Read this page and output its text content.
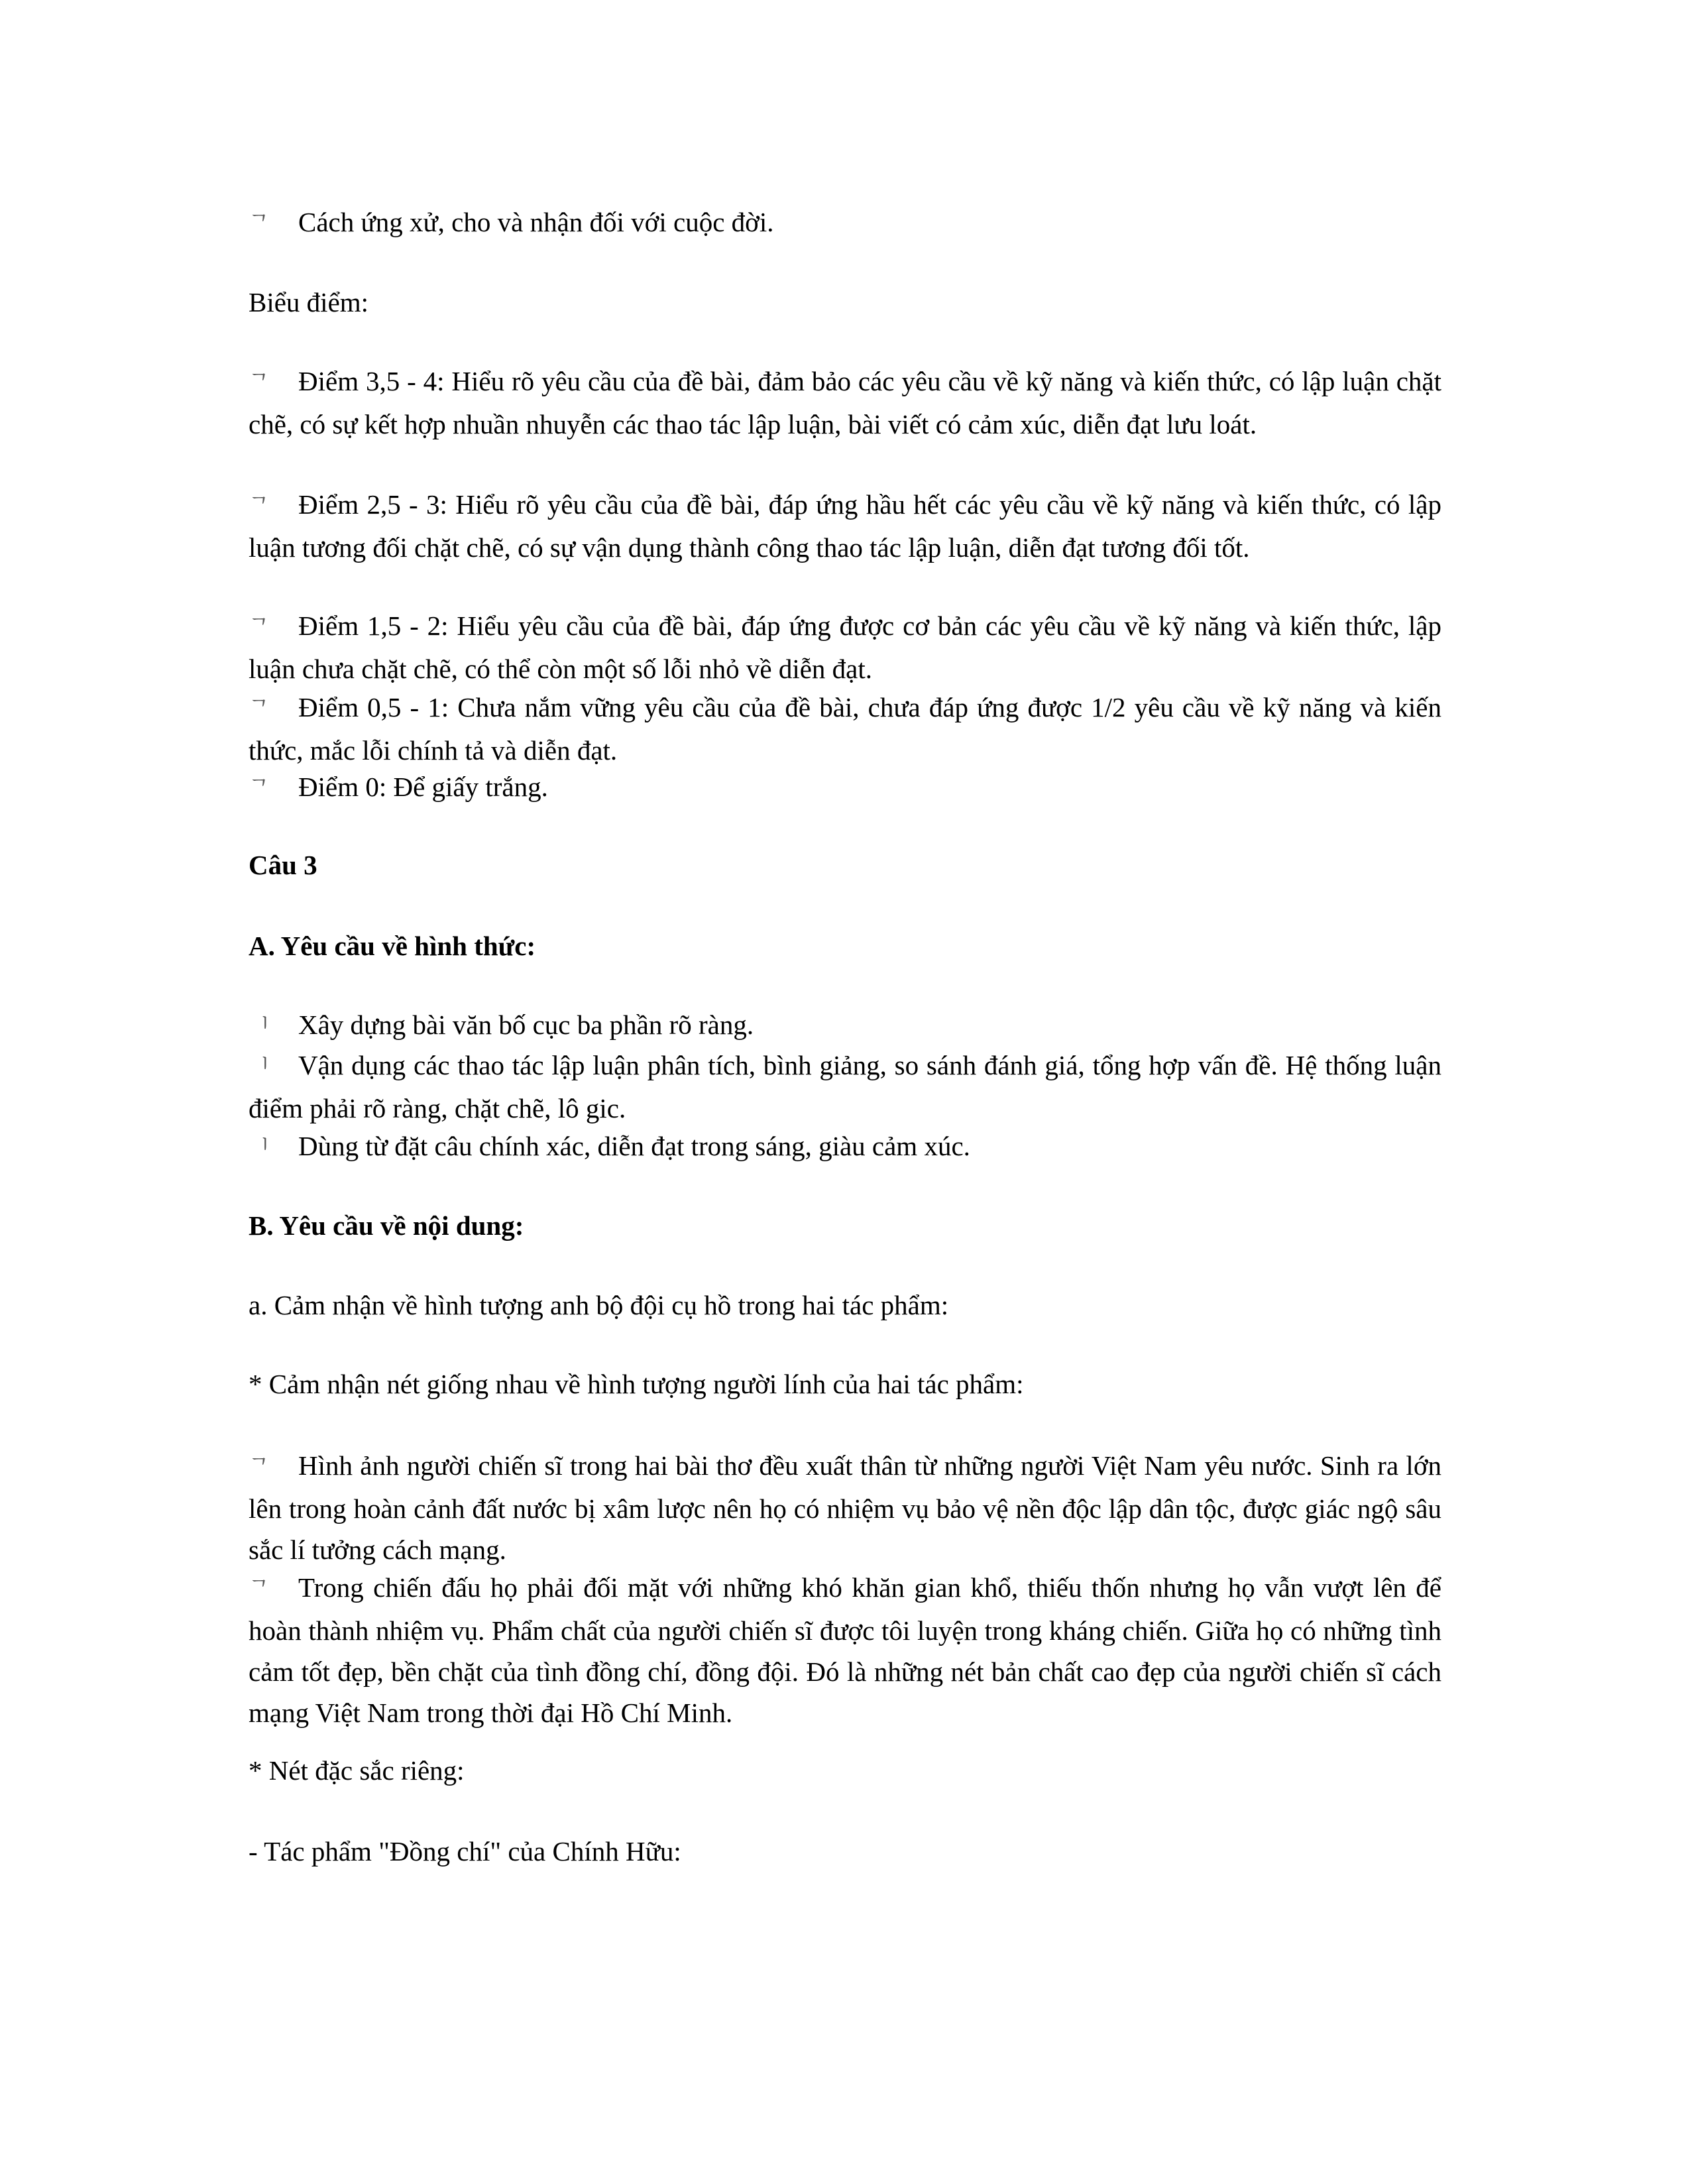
ᄀ Cách ứng xử, cho và nhận đối với cuộc đời.

Biểu điểm:

ᄀ Điểm 3,5 - 4: Hiểu rõ yêu cầu của đề bài, đảm bảo các yêu cầu về kỹ năng và kiến thức, có lập luận chặt chẽ, có sự kết hợp nhuần nhuyễn các thao tác lập luận, bài viết có cảm xúc, diễn đạt lưu loát.

ᄀ Điểm 2,5 - 3: Hiểu rõ yêu cầu của đề bài, đáp ứng hầu hết các yêu cầu về kỹ năng và kiến thức, có lập luận tương đối chặt chẽ, có sự vận dụng thành công thao tác lập luận, diễn đạt tương đối tốt.

ᄀ Điểm 1,5 - 2: Hiểu yêu cầu của đề bài, đáp ứng được cơ bản các yêu cầu về kỹ năng và kiến thức, lập luận chưa chặt chẽ, có thể còn một số lỗi nhỏ về diễn đạt.

ᄀ Điểm 0,5 - 1: Chưa nắm vững yêu cầu của đề bài, chưa đáp ứng được 1/2 yêu cầu về kỹ năng và kiến thức, mắc lỗi chính tả và diễn đạt.

ᄀ Điểm 0: Để giấy trắng.

Câu 3

A. Yêu cầu về hình thức:

ᅵ Xây dựng bài văn bố cục ba phần rõ ràng.

ᅵ Vận dụng các thao tác lập luận phân tích, bình giảng, so sánh đánh giá, tổng hợp vấn đề. Hệ thống luận điểm phải rõ ràng, chặt chẽ, lô gic.

ᅵ Dùng từ đặt câu chính xác, diễn đạt trong sáng, giàu cảm xúc.

B. Yêu cầu về nội dung:

a. Cảm nhận về hình tượng anh bộ đội cụ hồ trong hai tác phẩm:

* Cảm nhận nét giống nhau về hình tượng người lính của hai tác phẩm:

ᄀ Hình ảnh người chiến sĩ trong hai bài thơ đều xuất thân từ những người Việt Nam yêu nước. Sinh ra lớn lên trong hoàn cảnh đất nước bị xâm lược nên họ có nhiệm vụ bảo vệ nền độc lập dân tộc, được giác ngộ sâu sắc lí tưởng cách mạng.

ᄀ Trong chiến đấu họ phải đối mặt với những khó khăn gian khổ, thiếu thốn nhưng họ vẫn vượt lên để hoàn thành nhiệm vụ. Phẩm chất của người chiến sĩ được tôi luyện trong kháng chiến. Giữa họ có những tình cảm tốt đẹp, bền chặt của tình đồng chí, đồng đội. Đó là những nét bản chất cao đẹp của người chiến sĩ cách mạng Việt Nam trong thời đại Hồ Chí Minh.

* Nét đặc sắc riêng:

- Tác phẩm "Đồng chí" của Chính Hữu:
